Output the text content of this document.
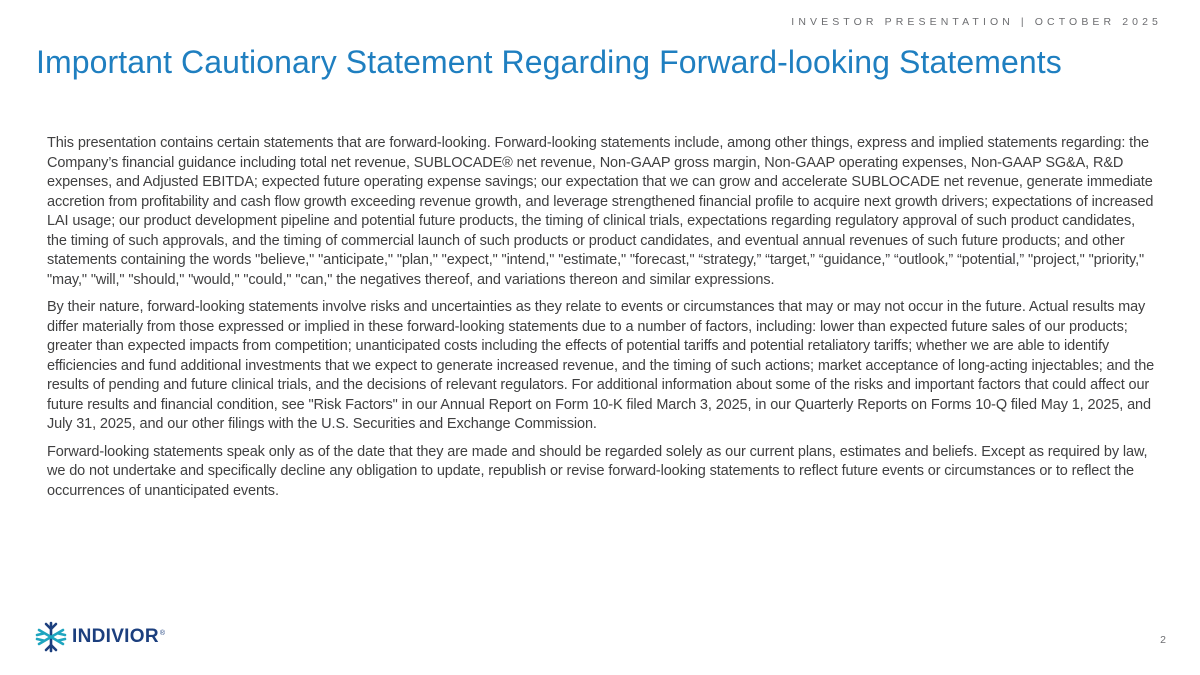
INVESTOR PRESENTATION | OCTOBER 2025
Important Cautionary Statement Regarding Forward-looking Statements

This presentation contains certain statements that are forward-looking. Forward-looking statements include, among other things, express and implied statements regarding: the Company’s financial guidance including total net revenue, SUBLOCADE® net revenue, Non-GAAP gross margin, Non-GAAP operating expenses, Non-GAAP SG&A, R&D expenses, and Adjusted EBITDA; expected future operating expense savings; our expectation that we can grow and accelerate SUBLOCADE net revenue, generate immediate accretion from profitability and cash flow growth exceeding revenue growth, and leverage strengthened financial profile to acquire next growth drivers; expectations of increased LAI usage; our product development pipeline and potential future products, the timing of clinical trials, expectations regarding regulatory approval of such product candidates, the timing of such approvals, and the timing of commercial launch of such products or product candidates, and eventual annual revenues of such future products; and other statements containing the words "believe," "anticipate," "plan," "expect," "intend," "estimate," "forecast," “strategy,” “target,” “guidance,” “outlook,” “potential,” "project," "priority," "may," "will," "should," "would," "could," "can," the negatives thereof, and variations thereon and similar expressions.

By their nature, forward-looking statements involve risks and uncertainties as they relate to events or circumstances that may or may not occur in the future. Actual results may differ materially from those expressed or implied in these forward-looking statements due to a number of factors, including: lower than expected future sales of our products; greater than expected impacts from competition; unanticipated costs including the effects of potential tariffs and potential retaliatory tariffs; whether we are able to identify efficiencies and fund additional investments that we expect to generate increased revenue, and the timing of such actions; market acceptance of long-acting injectables; and the results of pending and future clinical trials, and the decisions of relevant regulators. For additional information about some of the risks and important factors that could affect our future results and financial condition, see "Risk Factors" in our Annual Report on Form 10-K filed March 3, 2025, in our Quarterly Reports on Forms 10-Q filed May 1, 2025, and July 31, 2025, and our other filings with the U.S. Securities and Exchange Commission.

Forward-looking statements speak only as of the date that they are made and should be regarded solely as our current plans, estimates and beliefs. Except as required by law, we do not undertake and specifically decline any obligation to update, republish or revise forward-looking statements to reflect future events or circumstances or to reflect the occurrences of unanticipated events.

INDIVIOR ®
2
